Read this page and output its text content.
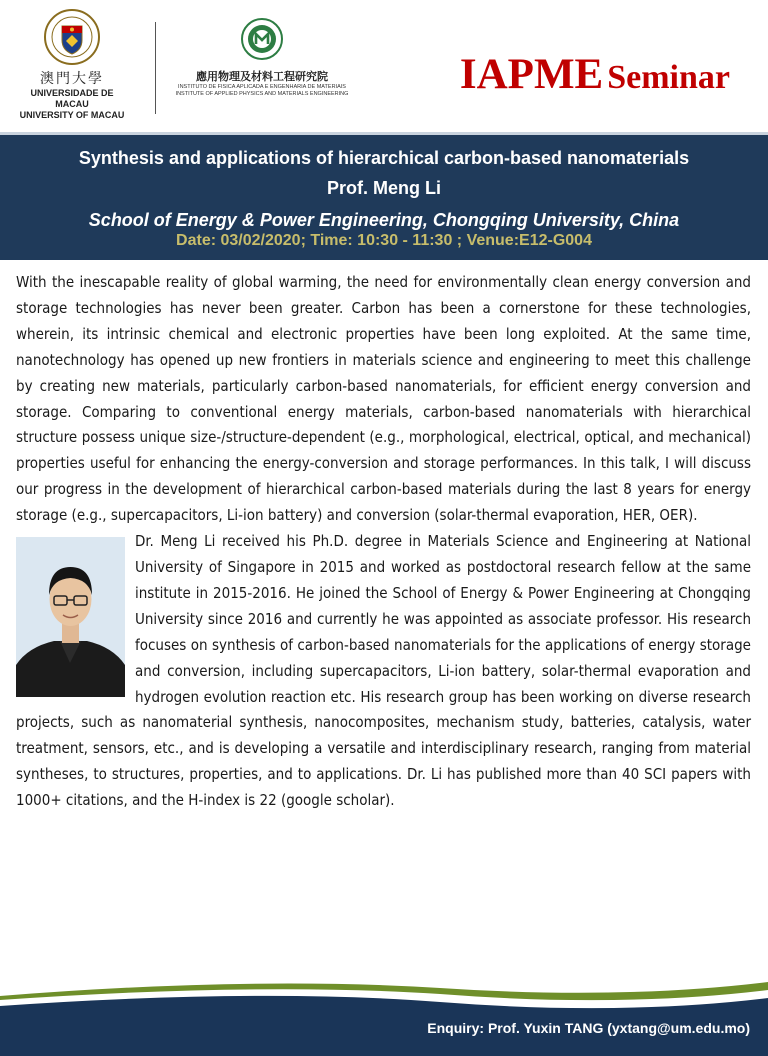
澳門大學
UNIVERSIDADE DE MACAU
UNIVERSITY OF MACAU
應用物理及材料工程研究院
INSTITUTO DE FISICA APLICADA E ENGENHARIA DE MATERIAIS
INSTITUTE OF APPLIED PHYSICS AND MATERIALS ENGINEERING	IAPME Seminar
Synthesis and applications of hierarchical carbon-based nanomaterials
Prof. Meng Li
School of Energy & Power Engineering, Chongqing University, China
Date: 03/02/2020; Time: 10:30 - 11:30 ; Venue:E12-G004

With the inescapable reality of global warming, the need for environmentally clean energy conversion and storage technologies has never been greater. Carbon has been a cornerstone for these technologies, wherein, its intrinsic chemical and electronic properties have been long exploited. At the same time, nanotechnology has opened up new frontiers in materials science and engineering to meet this challenge by creating new materials, particularly carbon-based nanomaterials, for efficient energy conversion and storage. Comparing to conventional energy materials, carbon-based nanomaterials with hierarchical structure possess unique size-/structure-dependent (e.g., morphological, electrical, optical, and mechanical) properties useful for enhancing the energy-conversion and storage performances. In this talk, I will discuss our progress in the development of hierarchical carbon-based materials during the last 8 years for energy storage (e.g., supercapacitors, Li-ion battery) and conversion (solar-thermal evaporation, HER, OER).

Dr. Meng Li received his Ph.D. degree in Materials Science and Engineering at National University of Singapore in 2015 and worked as postdoctoral research fellow at the same institute in 2015-2016. He joined the School of Energy & Power Engineering at Chongqing University since 2016 and currently he was appointed as associate professor. His research focuses on synthesis of carbon-based nanomaterials for the applications of energy storage and conversion, including supercapacitors, Li-ion battery, solar-thermal evaporation and hydrogen evolution reaction etc. His research group has been working on diverse research projects, such as nanomaterial synthesis, nanocomposites, mechanism study, batteries, catalysis, water treatment, sensors, etc., and is developing a versatile and interdisciplinary research, ranging from material syntheses, to structures, properties, and to applications. Dr. Li has published more than 40 SCI papers with 1000+ citations, and the H-index is 22 (google scholar).

Enquiry: Prof. Yuxin TANG (yxtang@um.edu.mo)
